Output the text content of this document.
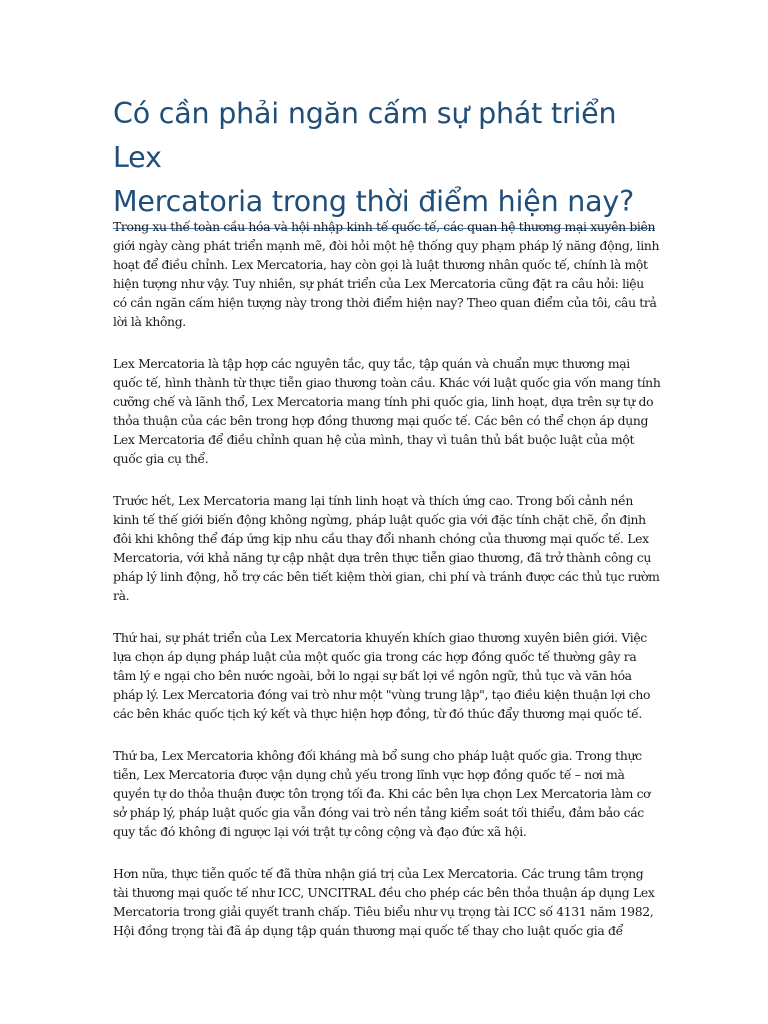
Có cần phải ngăn cấm sự phát triển Lex
Mercatoria trong thời điểm hiện nay?

Trong xu thế toàn cầu hóa và hội nhập kinh tế quốc tế, các quan hệ thương mại xuyên biên giới ngày càng phát triển mạnh mẽ, đòi hỏi một hệ thống quy phạm pháp lý năng động, linh hoạt để điều chỉnh. Lex Mercatoria, hay còn gọi là luật thương nhân quốc tế, chính là một hiện tượng như vậy. Tuy nhiên, sự phát triển của Lex Mercatoria cũng đặt ra câu hỏi: liệu có cần ngăn cấm hiện tượng này trong thời điểm hiện nay? Theo quan điểm của tôi, câu trả lời là không.

Lex Mercatoria là tập hợp các nguyên tắc, quy tắc, tập quán và chuẩn mực thương mại quốc tế, hình thành từ thực tiễn giao thương toàn cầu. Khác với luật quốc gia vốn mang tính cưỡng chế và lãnh thổ, Lex Mercatoria mang tính phi quốc gia, linh hoạt, dựa trên sự tự do thỏa thuận của các bên trong hợp đồng thương mại quốc tế. Các bên có thể chọn áp dụng Lex Mercatoria để điều chỉnh quan hệ của mình, thay vì tuân thủ bắt buộc luật của một quốc gia cụ thể.

Trước hết, Lex Mercatoria mang lại tính linh hoạt và thích ứng cao. Trong bối cảnh nền kinh tế thế giới biến động không ngừng, pháp luật quốc gia với đặc tính chặt chẽ, ổn định đôi khi không thể đáp ứng kịp nhu cầu thay đổi nhanh chóng của thương mại quốc tế. Lex Mercatoria, với khả năng tự cập nhật dựa trên thực tiễn giao thương, đã trở thành công cụ pháp lý linh động, hỗ trợ các bên tiết kiệm thời gian, chi phí và tránh được các thủ tục rườm rà.

Thứ hai, sự phát triển của Lex Mercatoria khuyến khích giao thương xuyên biên giới. Việc lựa chọn áp dụng pháp luật của một quốc gia trong các hợp đồng quốc tế thường gây ra tâm lý e ngại cho bên nước ngoài, bởi lo ngại sự bất lợi về ngôn ngữ, thủ tục và văn hóa pháp lý. Lex Mercatoria đóng vai trò như một "vùng trung lập", tạo điều kiện thuận lợi cho các bên khác quốc tịch ký kết và thực hiện hợp đồng, từ đó thúc đẩy thương mại quốc tế.

Thứ ba, Lex Mercatoria không đối kháng mà bổ sung cho pháp luật quốc gia. Trong thực tiễn, Lex Mercatoria được vận dụng chủ yếu trong lĩnh vực hợp đồng quốc tế – nơi mà quyền tự do thỏa thuận được tôn trọng tối đa. Khi các bên lựa chọn Lex Mercatoria làm cơ sở pháp lý, pháp luật quốc gia vẫn đóng vai trò nền tảng kiểm soát tối thiểu, đảm bảo các quy tắc đó không đi ngược lại với trật tự công cộng và đạo đức xã hội.

Hơn nữa, thực tiễn quốc tế đã thừa nhận giá trị của Lex Mercatoria. Các trung tâm trọng tài thương mại quốc tế như ICC, UNCITRAL đều cho phép các bên thỏa thuận áp dụng Lex Mercatoria trong giải quyết tranh chấp. Tiêu biểu như vụ trọng tài ICC số 4131 năm 1982, Hội đồng trọng tài đã áp dụng tập quán thương mại quốc tế thay cho luật quốc gia để
